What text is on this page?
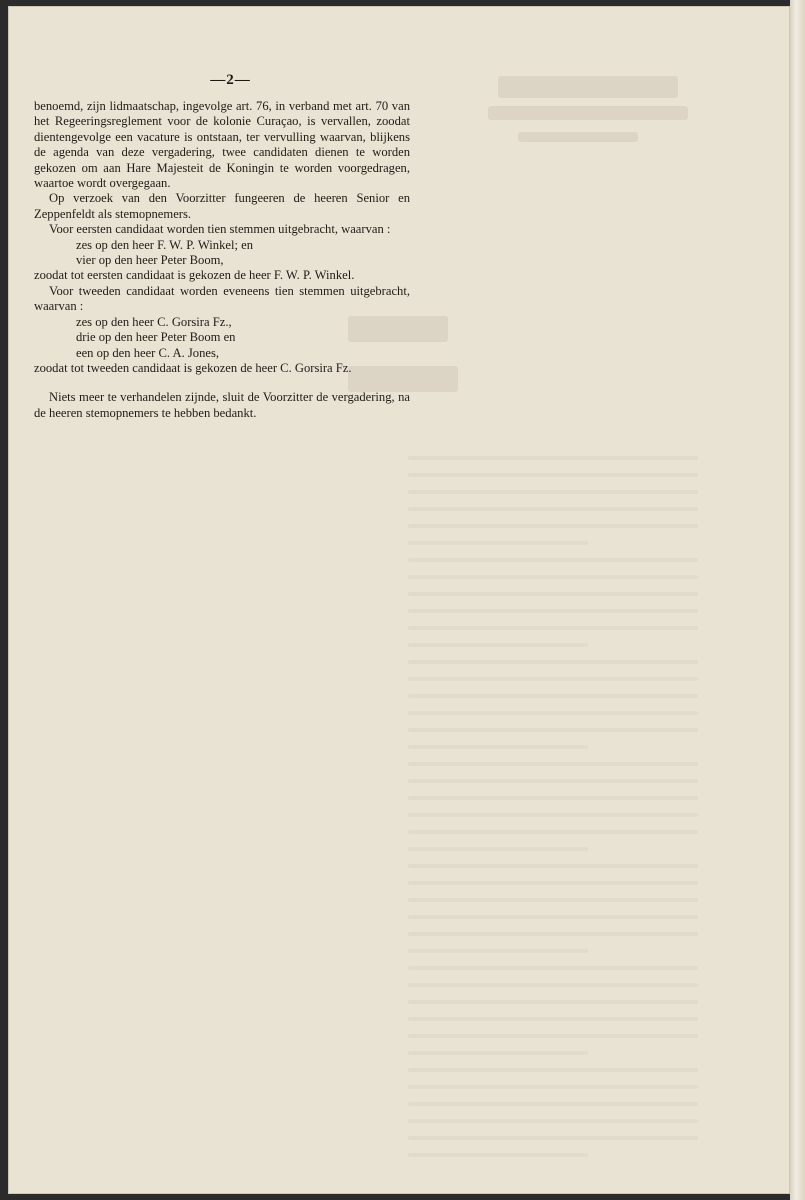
—2—

benoemd, zijn lidmaatschap, ingevolge art. 76, in verband met art. 70 van het Regeeringsreglement voor de kolonie Curaçao, is vervallen, zoodat dientengevolge een vacature is ontstaan, ter vervulling waarvan, blijkens de agenda van deze vergadering, twee candidaten dienen te worden gekozen om aan Hare Majesteit de Koningin te worden voorgedragen, waartoe wordt overgegaan.

Op verzoek van den Voorzitter fungeeren de heeren Senior en Zeppenfeldt als stemopnemers.

Voor eersten candidaat worden tien stemmen uitgebracht, waarvan :

zes op den heer F. W. P. Winkel; en

vier op den heer Peter Boom,

zoodat tot eersten candidaat is gekozen de heer F. W. P. Winkel.

Voor tweeden candidaat worden eveneens tien stemmen uitgebracht, waarvan :

zes op den heer C. Gorsira Fz.,

drie op den heer Peter Boom en

een op den heer C. A. Jones,

zoodat tot tweeden candidaat is gekozen de heer C. Gorsira Fz.

Niets meer te verhandelen zijnde, sluit de Voorzitter de vergadering, na de heeren stemopnemers te hebben bedankt.
